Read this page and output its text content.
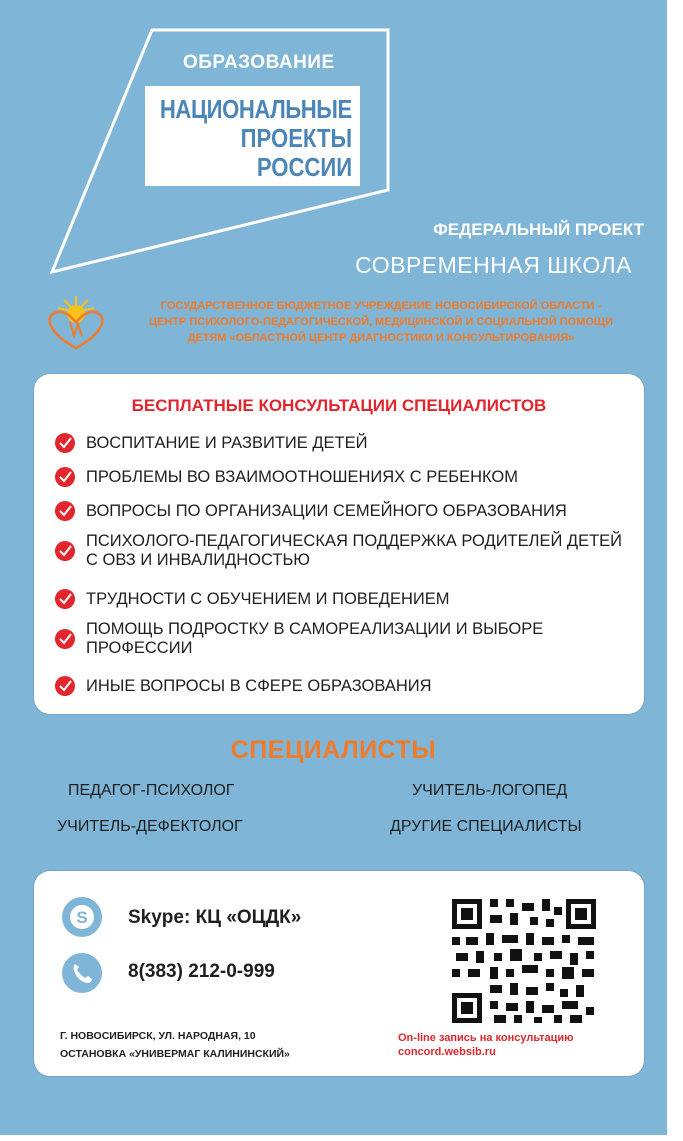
ОБРАЗОВАНИЕ
НАЦИОНАЛЬНЫЕ
ПРОЕКТЫ
РОССИИ
ФЕДЕРАЛЬНЫЙ ПРОЕКТ
СОВРЕМЕННАЯ ШКОЛА
ГОСУДАРСТВЕННОЕ БЮДЖЕТНОЕ УЧРЕЖДЕНИЕ НОВОСИБИРСКОЙ ОБЛАСТИ -
ЦЕНТР ПСИХОЛОГО-ПЕДАГОГИЧЕСКОЙ, МЕДИЦИНСКОЙ И СОЦИАЛЬНОЙ ПОМОЩИ
ДЕТЯМ «ОБЛАСТНОЙ ЦЕНТР ДИАГНОСТИКИ И КОНСУЛЬТИРОВАНИЯ»
БЕСПЛАТНЫЕ КОНСУЛЬТАЦИИ СПЕЦИАЛИСТОВ
ВОСПИТАНИЕ И РАЗВИТИЕ ДЕТЕЙ
ПРОБЛЕМЫ ВО ВЗАИМООТНОШЕНИЯХ С РЕБЕНКОМ
ВОПРОСЫ ПО ОРГАНИЗАЦИИ СЕМЕЙНОГО ОБРАЗОВАНИЯ
ПСИХОЛОГО-ПЕДАГОГИЧЕСКАЯ ПОДДЕРЖКА РОДИТЕЛЕЙ ДЕТЕЙ С ОВЗ И ИНВАЛИДНОСТЬЮ
ТРУДНОСТИ С ОБУЧЕНИЕМ И ПОВЕДЕНИЕМ
ПОМОЩЬ ПОДРОСТКУ В САМОРЕАЛИЗАЦИИ И ВЫБОРЕ ПРОФЕССИИ
ИНЫЕ ВОПРОСЫ В СФЕРЕ ОБРАЗОВАНИЯ
СПЕЦИАЛИСТЫ
ПЕДАГОГ-ПСИХОЛОГ	УЧИТЕЛЬ-ЛОГОПЕД
УЧИТЕЛЬ-ДЕФЕКТОЛОГ	ДРУГИЕ СПЕЦИАЛИСТЫ
S Skype: КЦ «ОЦДК»
8(383) 212-0-999
Г. НОВОСИБИРСК, УЛ. НАРОДНАЯ, 10
ОСТАНОВКА «УНИВЕРМАГ КАЛИНИНСКИЙ»
On-line запись на консультацию
concord.websib.ru
